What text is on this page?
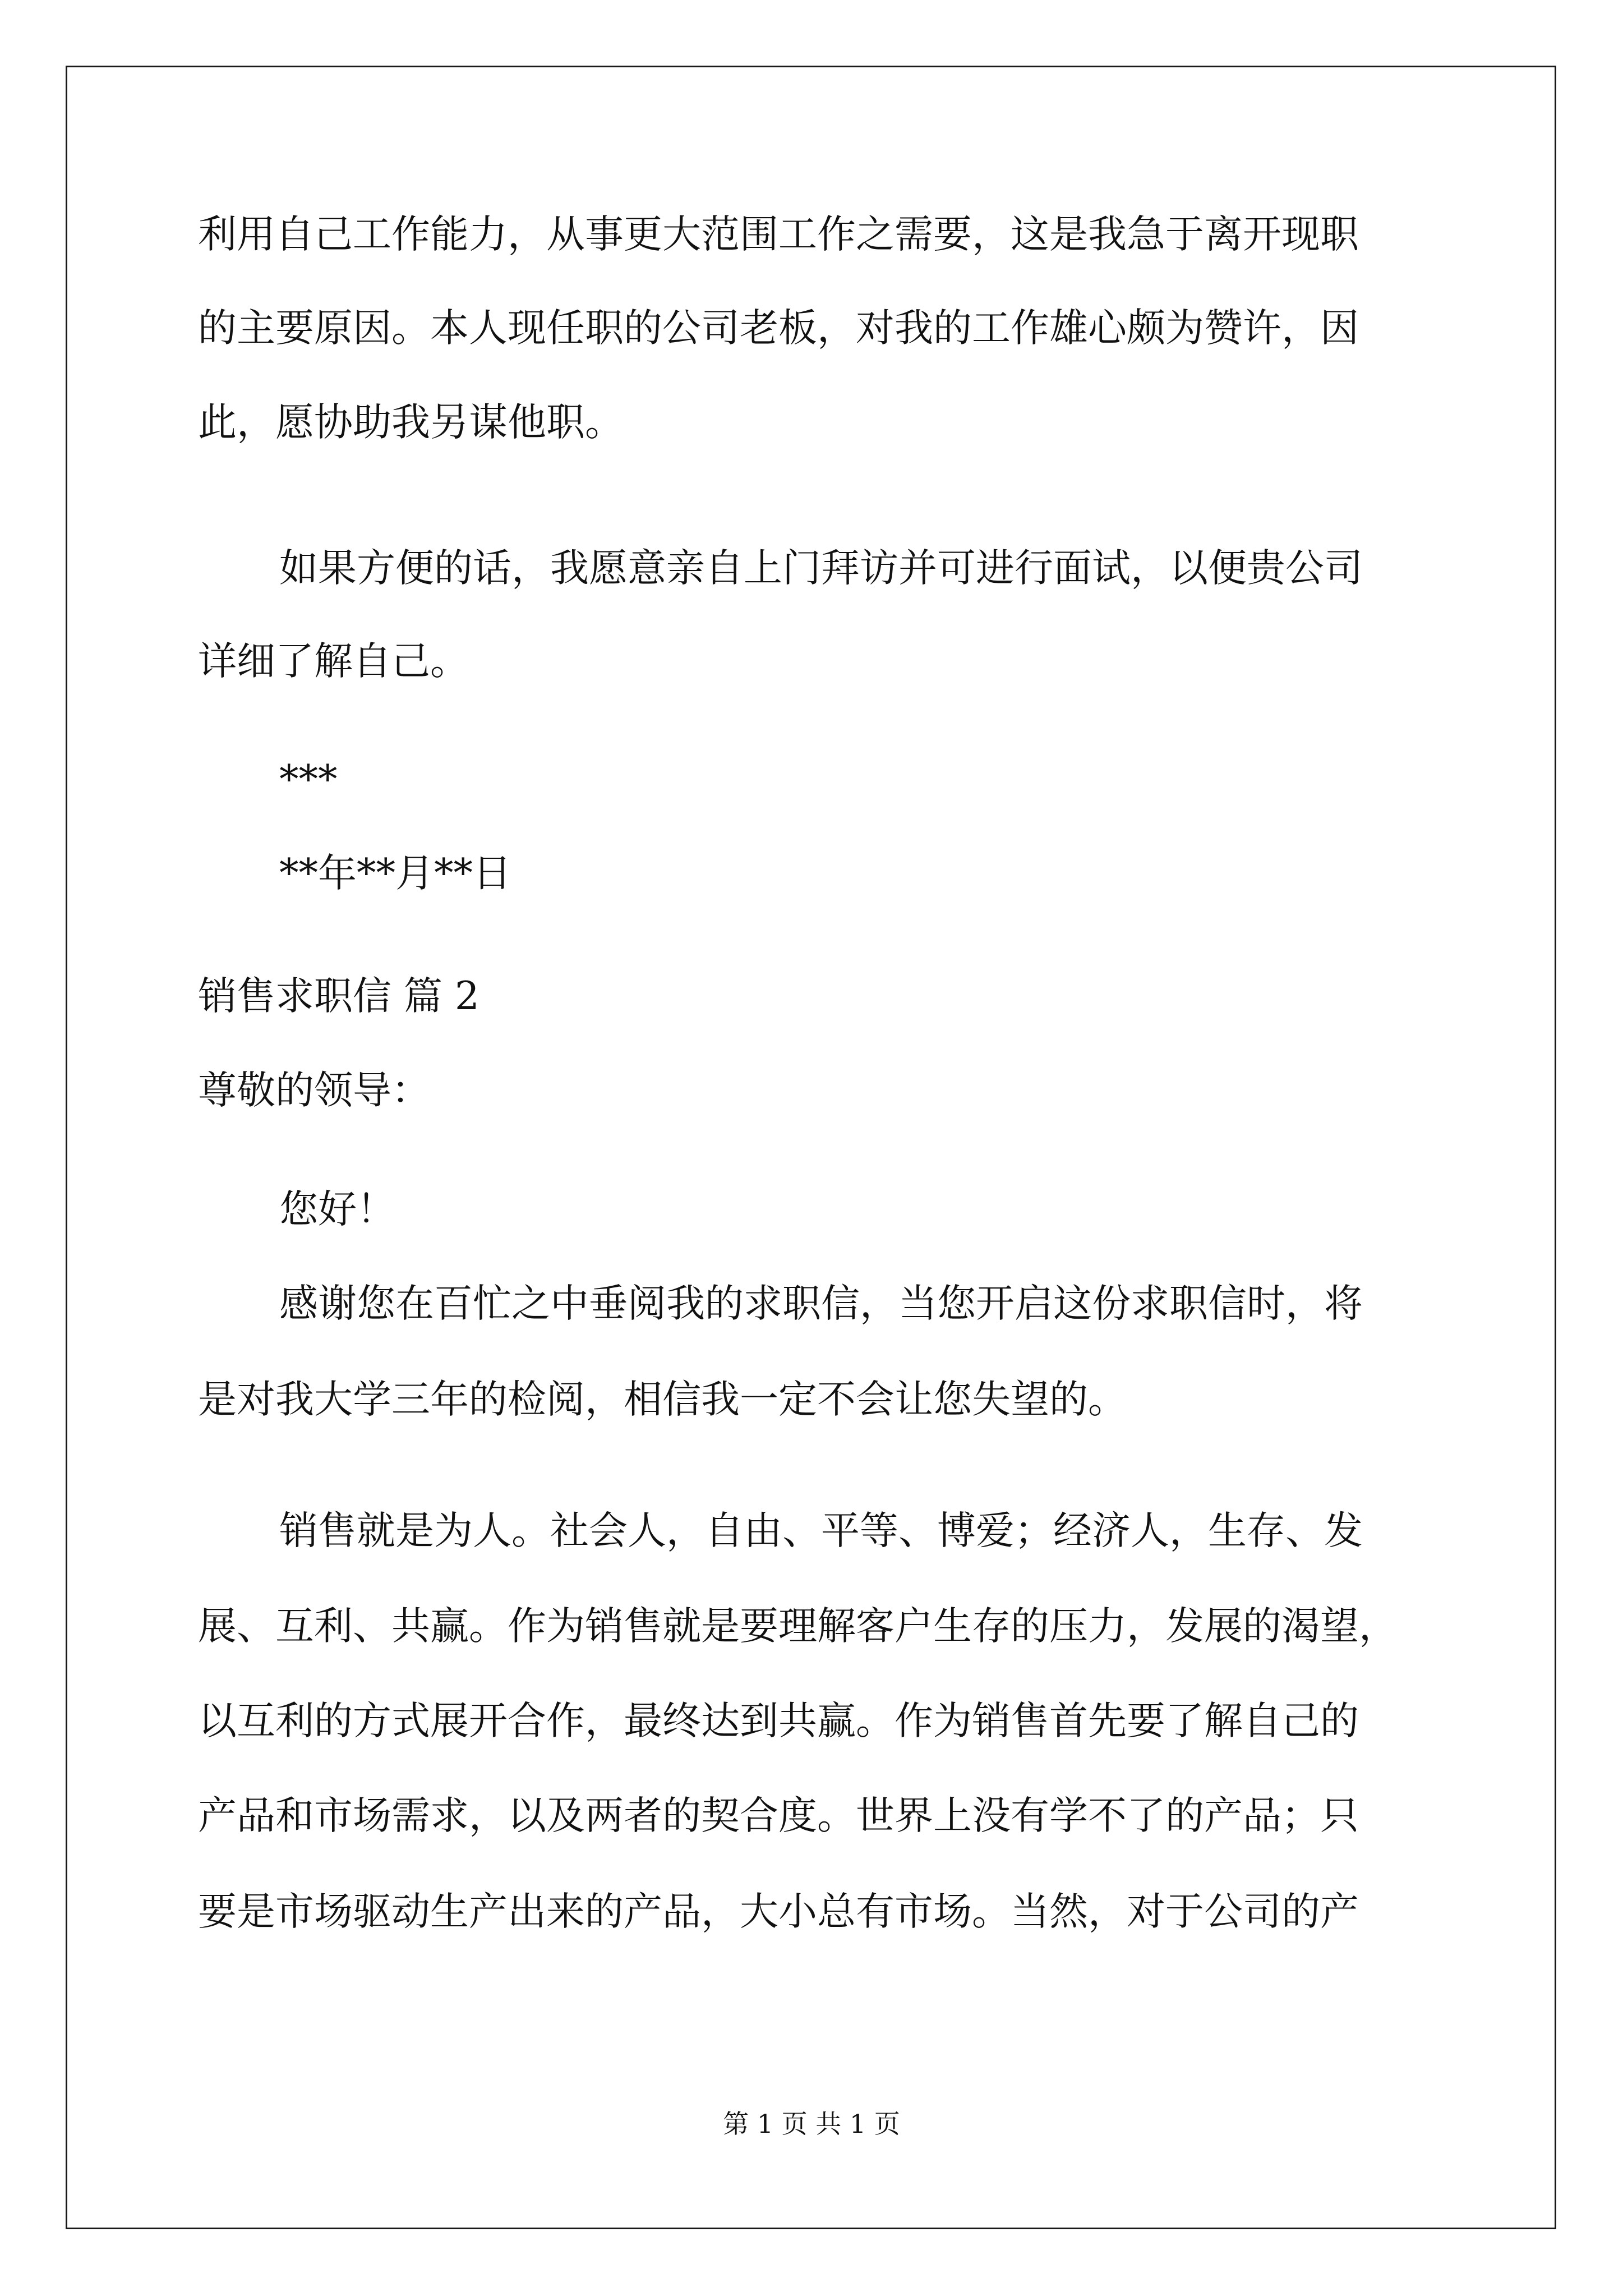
利用自己工作能力，从事更大范围工作之需要，这是我急于离开现职
的主要原因。本人现任职的公司老板，对我的工作雄心颇为赞许，因
此，愿协助我另谋他职。
如果方便的话，我愿意亲自上门拜访并可进行面试，以便贵公司
详细了解自己。
***
**年**月**日
销售求职信 篇 2
尊敬的领导：
您好！
感谢您在百忙之中垂阅我的求职信，当您开启这份求职信时，将
是对我大学三年的检阅，相信我一定不会让您失望的。
销售就是为人。社会人，自由、平等、博爱；经济人，生存、发
展、互利、共赢。作为销售就是要理解客户生存的压力，发展的渴望，
以互利的方式展开合作，最终达到共赢。作为销售首先要了解自己的
产品和市场需求，以及两者的契合度。世界上没有学不了的产品；只
要是市场驱动生产出来的产品，大小总有市场。当然，对于公司的产
第 1 页 共 1 页
